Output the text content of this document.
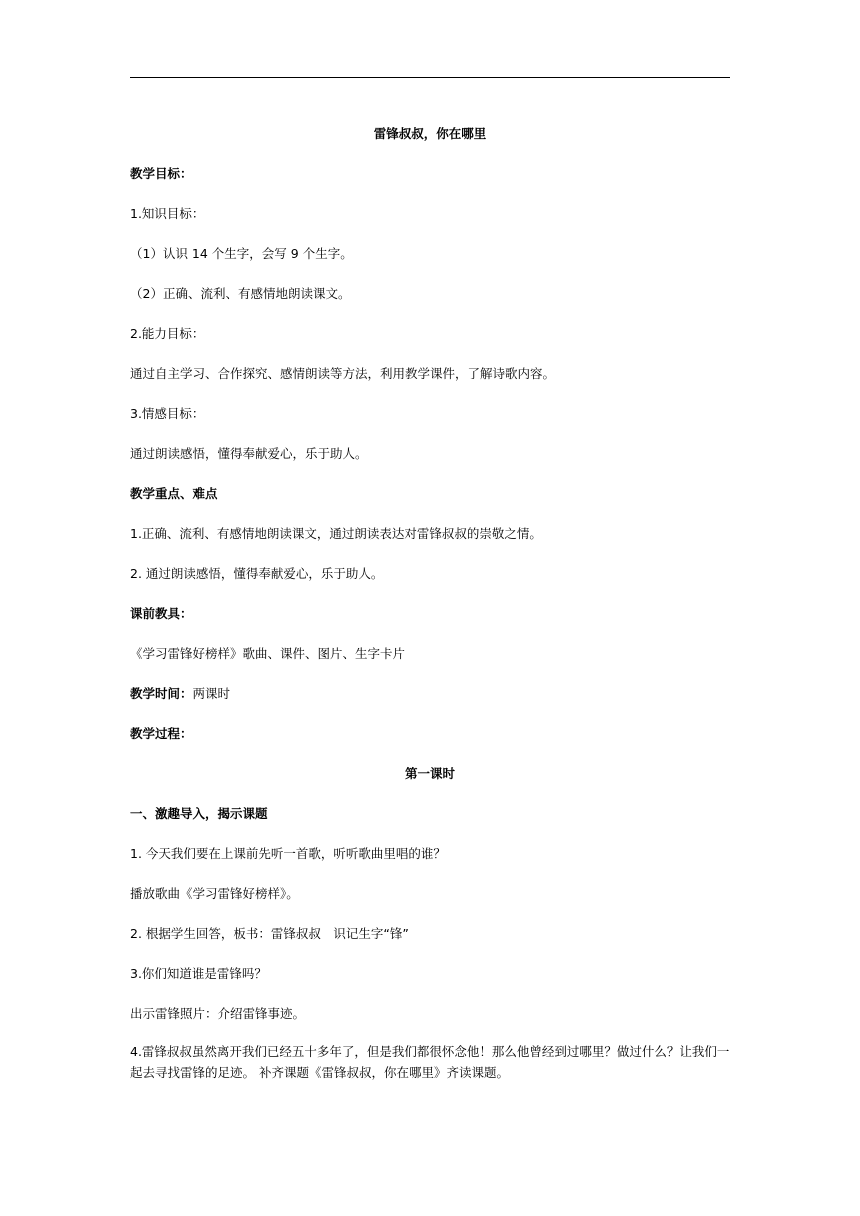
雷锋叔叔，你在哪里
教学目标：
1.知识目标：
（1）认识 14 个生字，会写 9 个生字。
（2）正确、流利、有感情地朗读课文。
2.能力目标：
通过自主学习、合作探究、感情朗读等方法，利用教学课件，了解诗歌内容。
3.情感目标：
通过朗读感悟，懂得奉献爱心，乐于助人。
教学重点、难点
1.正确、流利、有感情地朗读课文，通过朗读表达对雷锋叔叔的崇敬之情。
2. 通过朗读感悟，懂得奉献爱心，乐于助人。
课前教具：
《学习雷锋好榜样》歌曲、课件、图片、生字卡片
教学时间：两课时
教学过程：
第一课时
一、激趣导入，揭示课题
1. 今天我们要在上课前先听一首歌，听听歌曲里唱的谁？
播放歌曲《学习雷锋好榜样》。
2. 根据学生回答，板书：雷锋叔叔　识记生字“锋”
3.你们知道谁是雷锋吗？
出示雷锋照片：介绍雷锋事迹。
4.雷锋叔叔虽然离开我们已经五十多年了，但是我们都很怀念他！那么他曾经到过哪里？做过什么？让我们一起去寻找雷锋的足迹。 补齐课题《雷锋叔叔，你在哪里》齐读课题。
